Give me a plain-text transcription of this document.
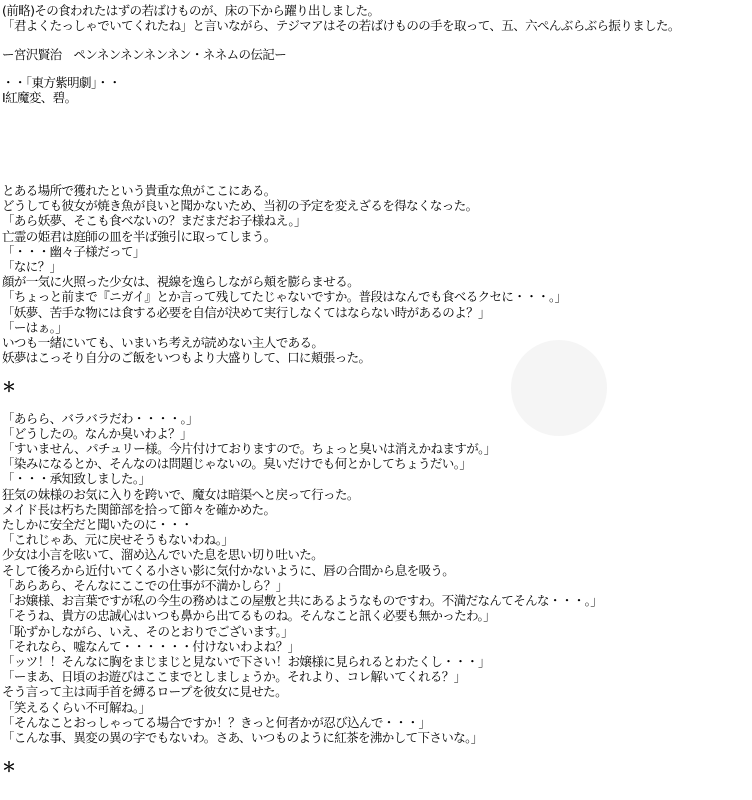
(前略)その食われたはずの若ばけものが、床の下から躍り出しました。
「君よくたっしゃでいてくれたね」と言いながら、テジマアはその若ばけものの手を取って、五、六ぺんぶらぶら振りました。
ー宮沢賢治　ペンネンネンネンネン・ネネムの伝記ー
・・「東方紫明劇」・・
Ⅰ紅魔変、碧。
とある場所で獲れたという貴重な魚がここにある。
どうしても彼女が焼き魚が良いと聞かないため、当初の予定を変えざるを得なくなった。
「あら妖夢、そこも食べないの？まだまだお子様ねえ。」
亡霊の姫君は庭師の皿を半ば強引に取ってしまう。
「・・・幽々子様だって」
「なに？」
顔が一気に火照った少女は、視線を逸らしながら頬を膨らませる。
「ちょっと前まで『ニガイ』とか言って残してたじゃないですか。普段はなんでも食べるクセに・・・。」
「妖夢、苦手な物には食する必要を自信が決めて実行しなくてはならない時があるのよ？」
「ーはぁ。」
いつも一緒にいても、いまいち考えが読めない主人である。
妖夢はこっそり自分のご飯をいつもより大盛りして、口に頬張った。
＊
「あらら、バラバラだわ・・・・。」
「どうしたの。なんか臭いわよ？」
「すいません、パチュリー様。今片付けておりますので。ちょっと臭いは消えかねますが。」
「染みになるとか、そんなのは問題じゃないの。臭いだけでも何とかしてちょうだい。」
「・・・承知致しました。」
狂気の妹様のお気に入りを跨いで、魔女は暗渠へと戻って行った。
メイド長は朽ちた関節部を拾って節々を確かめた。
たしかに安全だと聞いたのに・・・
「これじゃあ、元に戻せそうもないわね。」
少女は小言を呟いて、溜め込んでいた息を思い切り吐いた。
そして後ろから近付いてくる小さい影に気付かないように、唇の合間から息を吸う。
「あらあら、そんなにここでの仕事が不満かしら？」
「お嬢様、お言葉ですが私の今生の務めはこの屋敷と共にあるようなものですわ。不満だなんてそんな・・・。」
「そうね、貴方の忠誠心はいつも鼻から出てるものね。そんなこと訊く必要も無かったわ。」
「恥ずかしながら、いえ、そのとおりでございます。」
「それなら、嘘なんて・・・・・・付けないわよね？」
「ッツ！！そんなに胸をまじまじと見ないで下さい！お嬢様に見られるとわたくし・・・」
「ーまあ、日頃のお遊びはここまでとしましょうか。それより、コレ解いてくれる？」
そう言って主は両手首を縛るロープを彼女に見せた。
「笑えるくらい不可解ね。」
「そんなことおっしゃってる場合ですか！？きっと何者かが忍び込んで・・・」
「こんな事、異変の異の字でもないわ。さあ、いつものように紅茶を沸かして下さいな。」
＊
